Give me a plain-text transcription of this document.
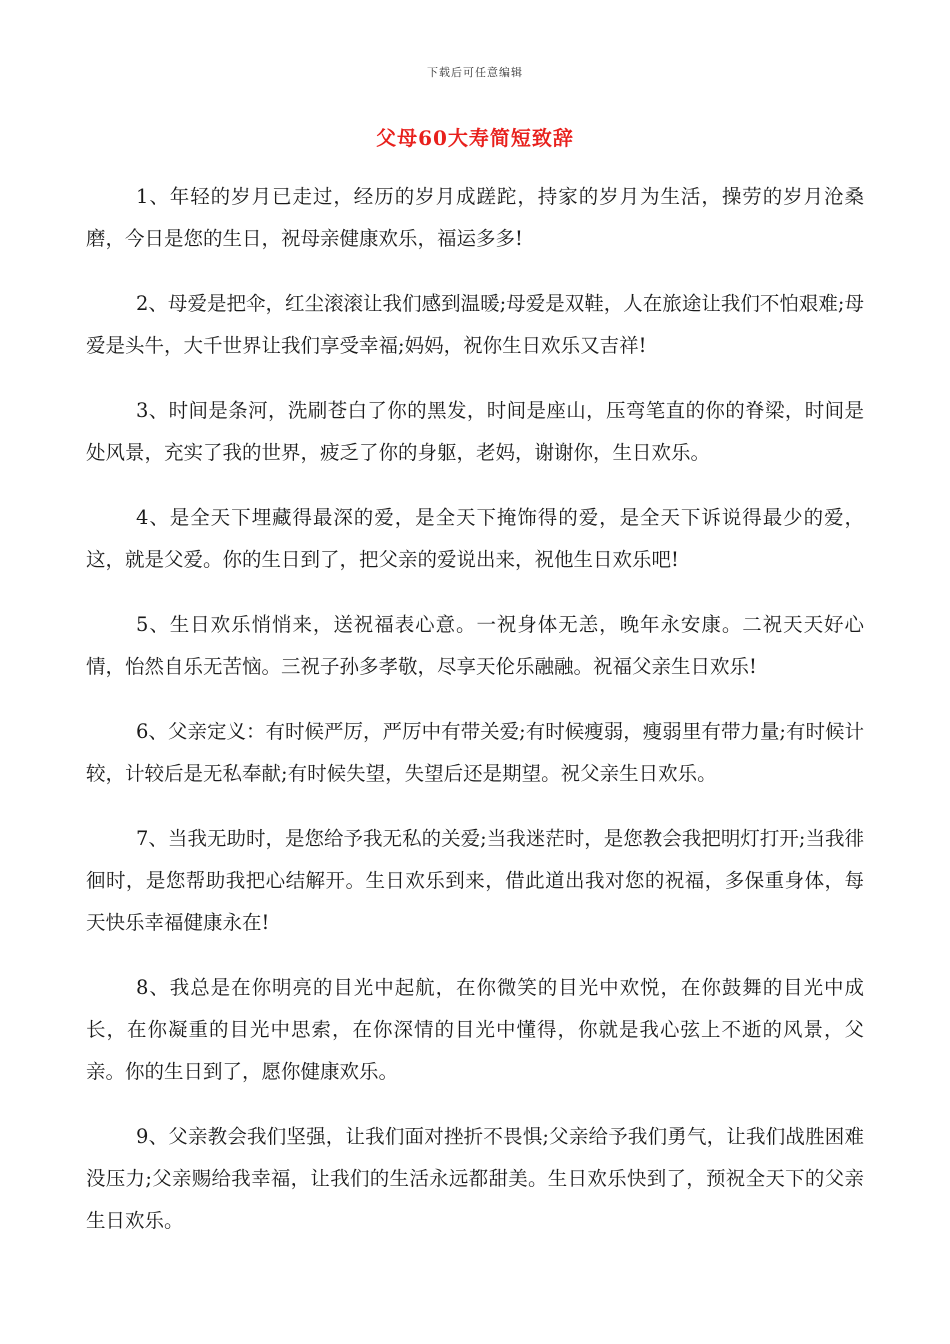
下载后可任意编辑
父母60大寿简短致辞

1、年轻的岁月已走过，经历的岁月成蹉跎，持家的岁月为生活，操劳的岁月沧桑磨，今日是您的生日，祝母亲健康欢乐，福运多多!

2、母爱是把伞，红尘滚滚让我们感到温暖;母爱是双鞋，人在旅途让我们不怕艰难;母爱是头牛，大千世界让我们享受幸福;妈妈，祝你生日欢乐又吉祥!

3、时间是条河，洗刷苍白了你的黑发，时间是座山，压弯笔直的你的脊梁，时间是处风景，充实了我的世界，疲乏了你的身躯，老妈，谢谢你，生日欢乐。

4、是全天下埋藏得最深的爱，是全天下掩饰得的爱，是全天下诉说得最少的爱，这，就是父爱。你的生日到了，把父亲的爱说出来，祝他生日欢乐吧!

5、生日欢乐悄悄来，送祝福表心意。一祝身体无恙，晚年永安康。二祝天天好心情，怡然自乐无苦恼。三祝子孙多孝敬，尽享天伦乐融融。祝福父亲生日欢乐!

6、父亲定义：有时候严厉，严厉中有带关爱;有时候瘦弱，瘦弱里有带力量;有时候计较，计较后是无私奉献;有时候失望，失望后还是期望。祝父亲生日欢乐。

7、当我无助时，是您给予我无私的关爱;当我迷茫时，是您教会我把明灯打开;当我徘徊时，是您帮助我把心结解开。生日欢乐到来，借此道出我对您的祝福，多保重身体，每天快乐幸福健康永在!

8、我总是在你明亮的目光中起航，在你微笑的目光中欢悦，在你鼓舞的目光中成长，在你凝重的目光中思索，在你深情的目光中懂得，你就是我心弦上不逝的风景，父亲。你的生日到了，愿你健康欢乐。

9、父亲教会我们坚强，让我们面对挫折不畏惧;父亲给予我们勇气，让我们战胜困难没压力;父亲赐给我幸福，让我们的生活永远都甜美。生日欢乐快到了，预祝全天下的父亲生日欢乐。
